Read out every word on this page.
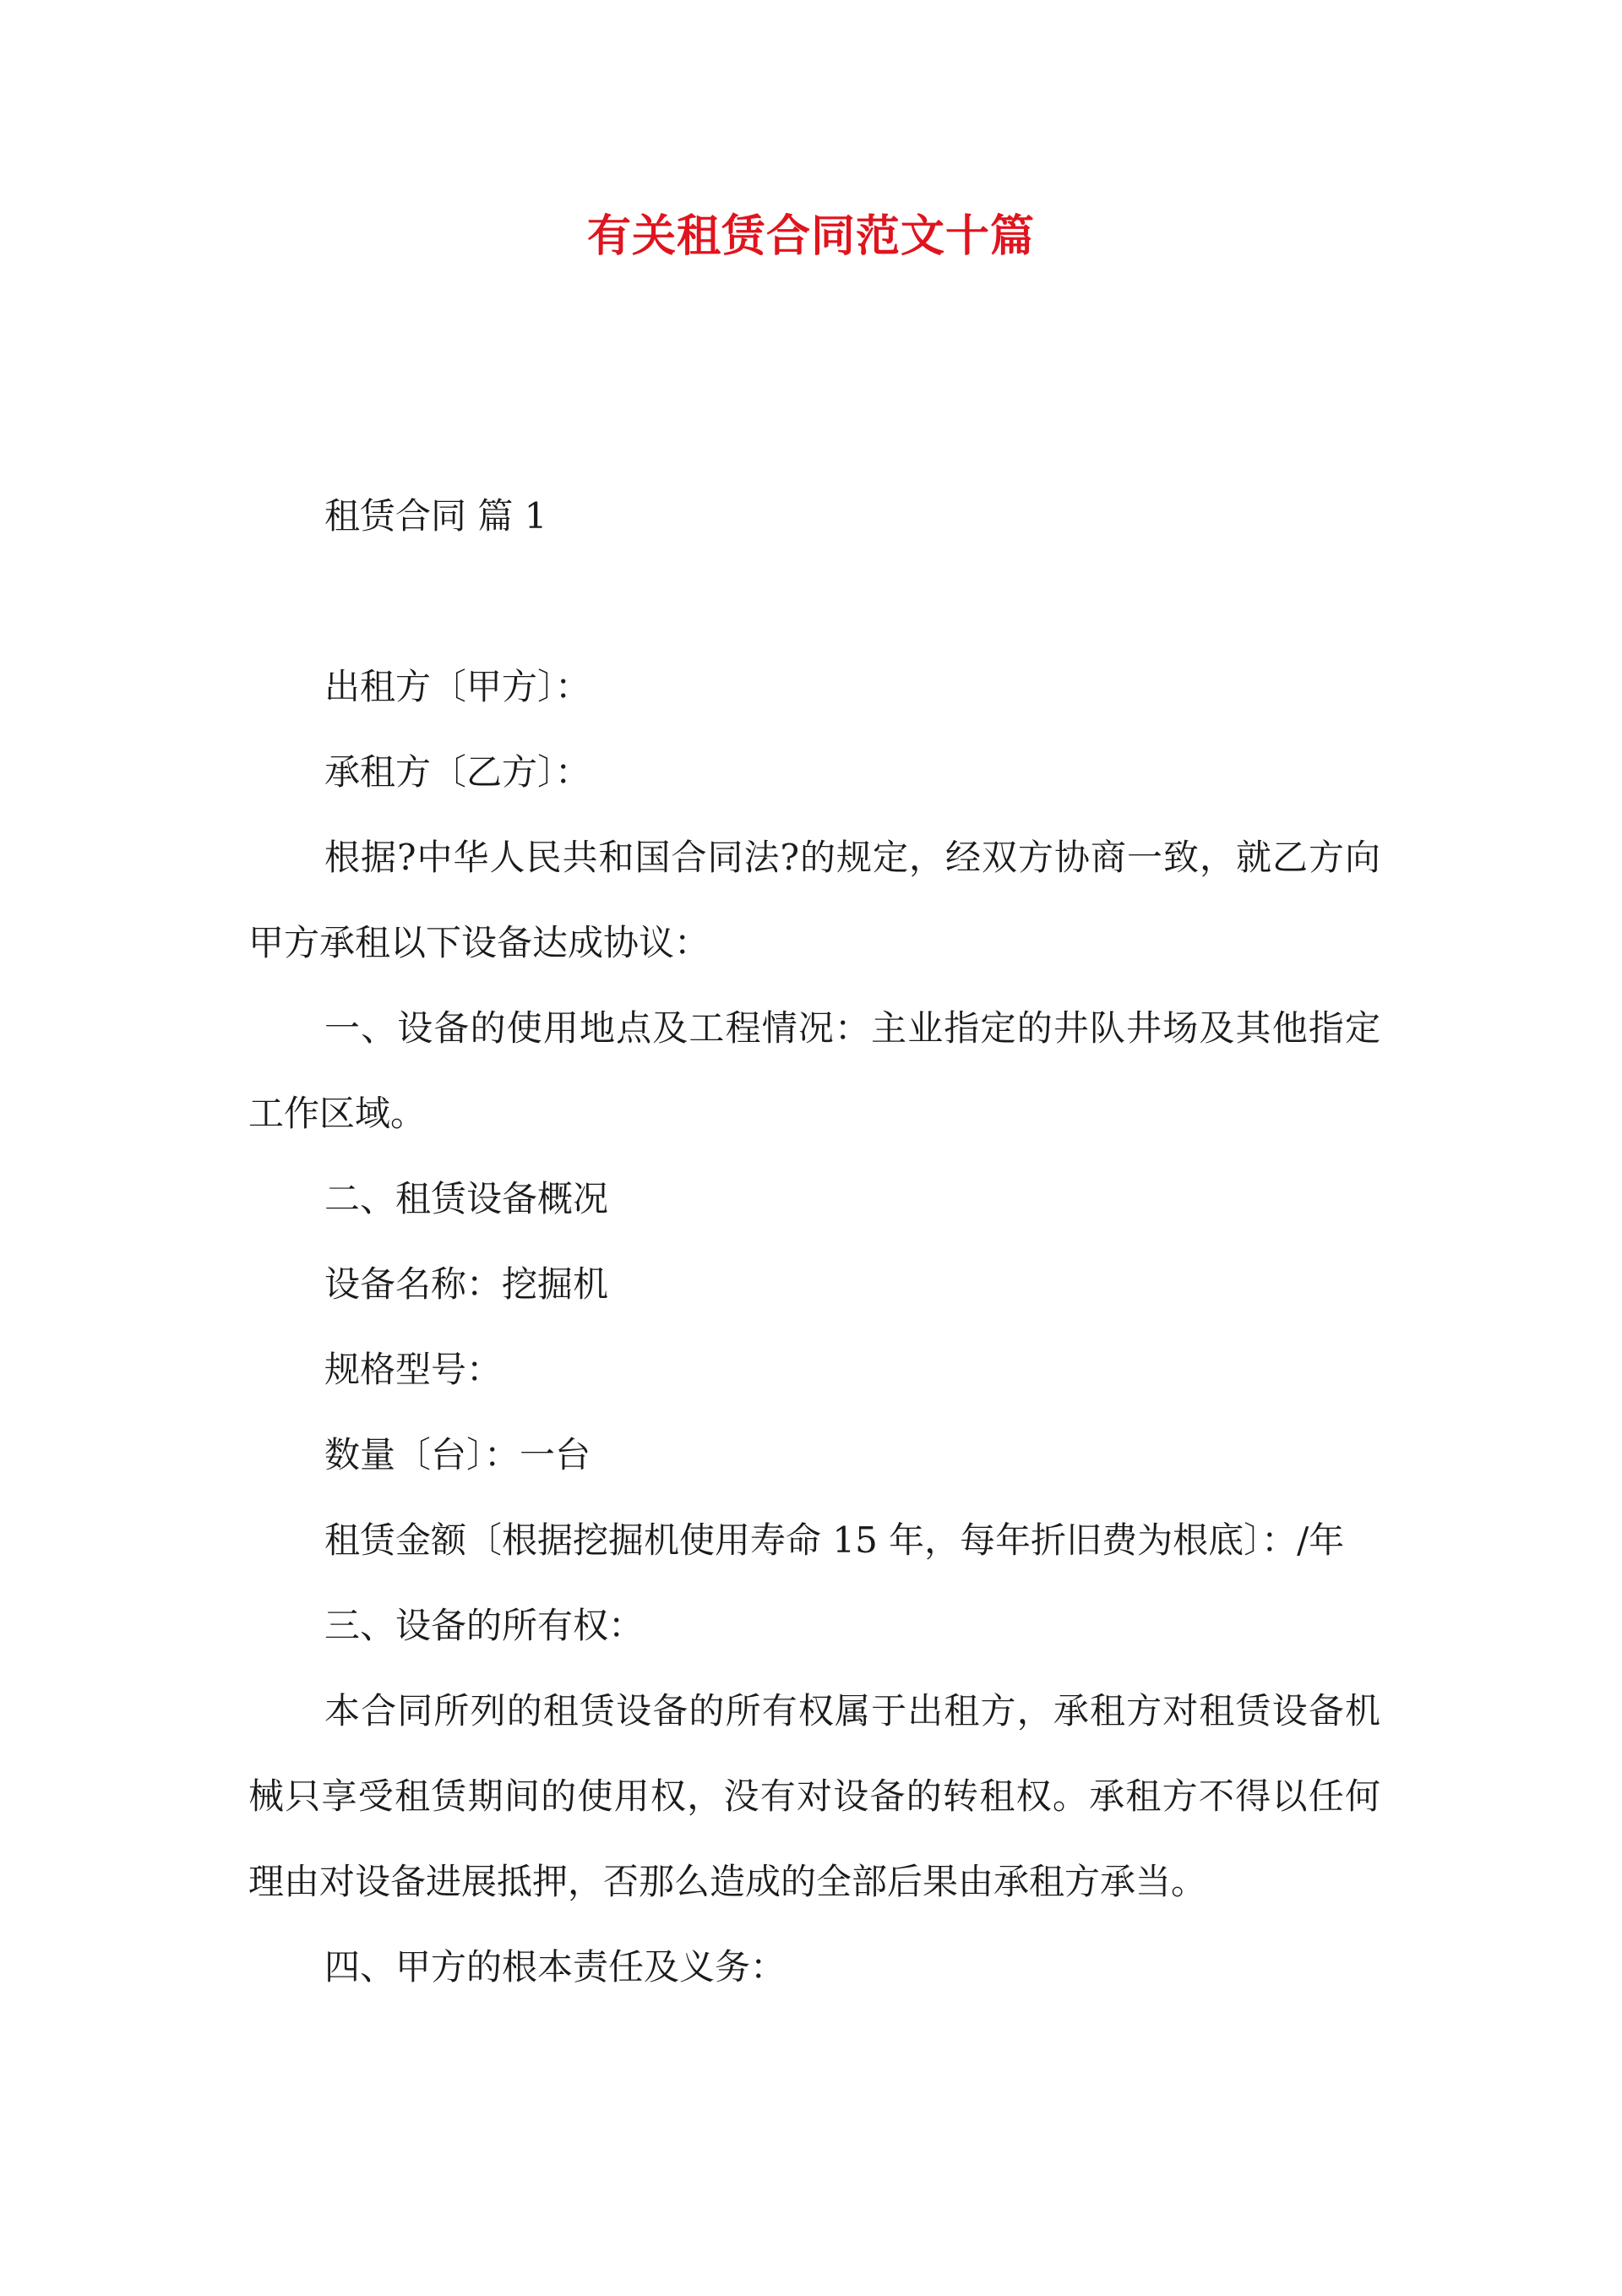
有关租赁合同范文十篇

租赁合同 篇 1

出租方〔甲方〕：

承租方〔乙方〕：

根据?中华人民共和国合同法?的规定，经双方协商一致，就乙方向甲方承租以下设备达成协议：

一、设备的使用地点及工程情况：主业指定的井队井场及其他指定工作区域。

二、租赁设备概况

设备名称：挖掘机

规格型号：

数量〔台〕：一台

租赁金额〔根据挖掘机使用寿命 15 年，每年折旧费为根底〕：/年

三、设备的所有权：

本合同所列的租赁设备的所有权属于出租方，承租方对租赁设备机械只享受租赁期间的使用权，没有对设备的转租权。承租方不得以任何理由对设备进展抵押，否那么造成的全部后果由承租方承当。

四、甲方的根本责任及义务：
